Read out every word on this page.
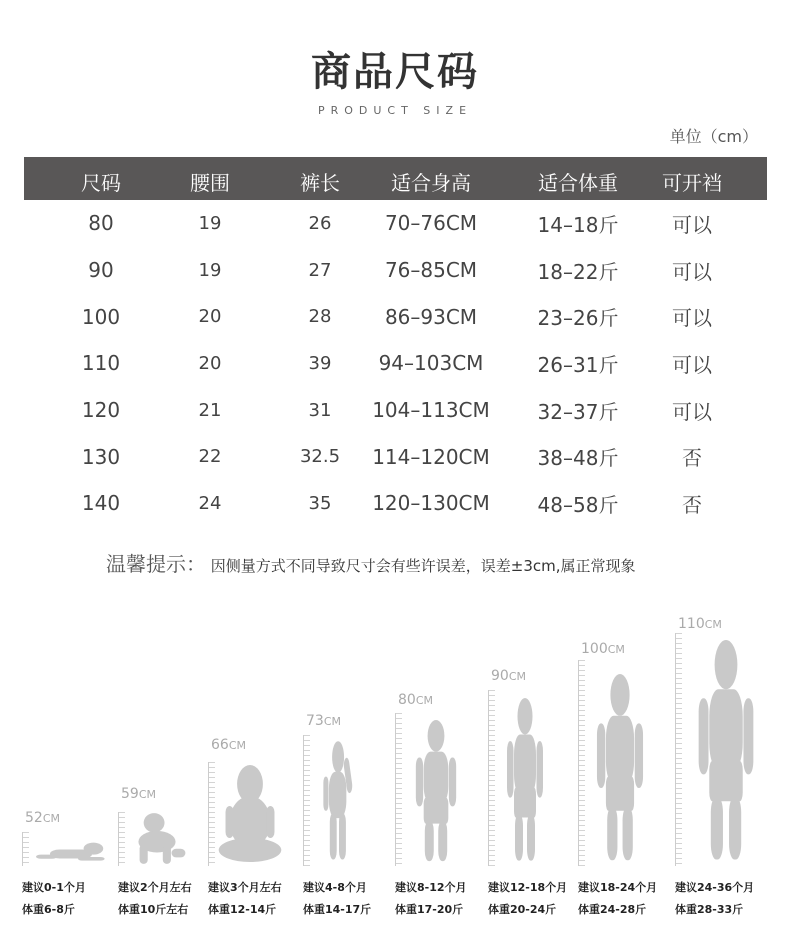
商品尺码
PRODUCT SIZE
单位（cm）
尺码	腰围	裤长	适合身高	适合体重	可开裆
80	19	26	70–76CM	14–18斤	可以
90	19	27	76–85CM	18–22斤	可以
100	20	28	86–93CM	23–26斤	可以
110	20	39	94–103CM	26–31斤	可以
120	21	31	104–113CM	32–37斤	可以
130	22	32.5	114–120CM	38–48斤	否
140	24	35	120–130CM	48–58斤	否
温馨提示： 因侧量方式不同导致尺寸会有些许误差，误差±3cm,属正常现象
52CM
建议0-1个月
体重6-8斤
59CM
建议2个月左右
体重10斤左右
66CM
建议3个月左右
体重12-14斤
73CM
建议4-8个月
体重14-17斤
80CM
建议8-12个月
体重17-20斤
90CM
建议12-18个月
体重20-24斤
100CM
建议18-24个月
体重24-28斤
110CM
建议24-36个月
体重28-33斤
